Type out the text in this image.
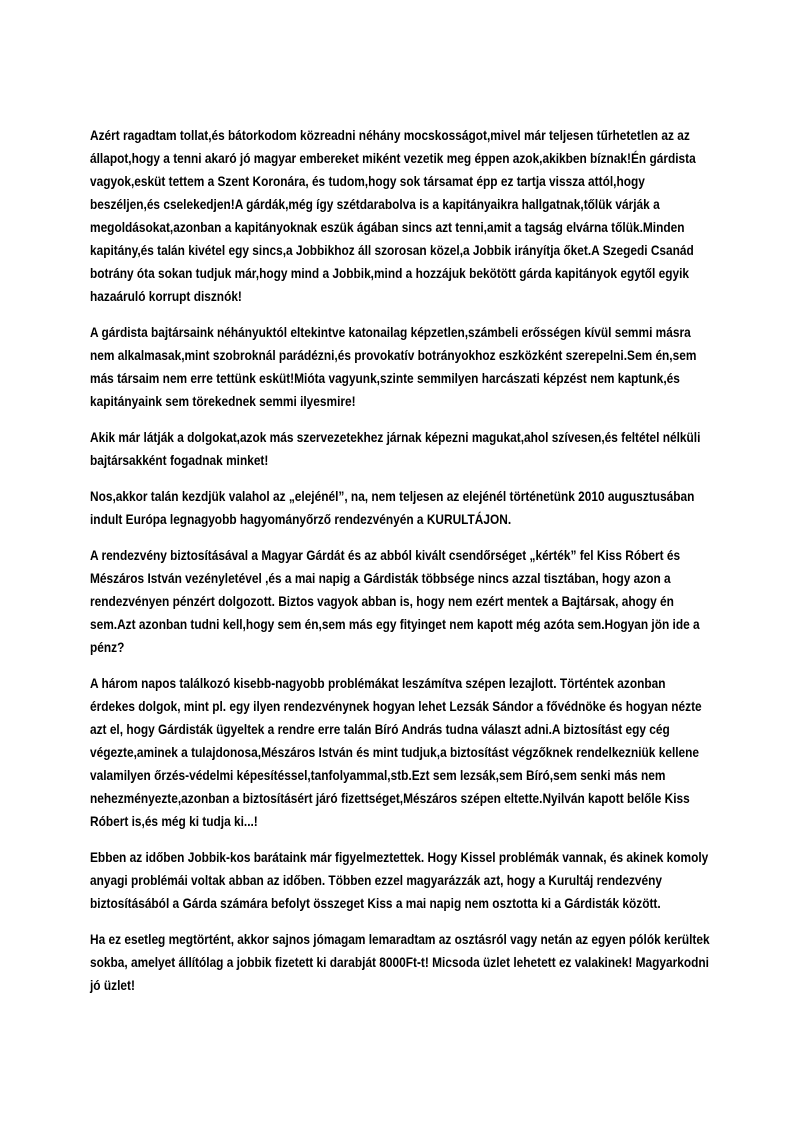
Azért ragadtam tollat,és bátorkodom közreadni néhány mocskosságot,mivel már teljesen tűrhetetlen az az állapot,hogy a tenni akaró jó magyar embereket miként vezetik meg éppen azok,akikben bíznak!Én gárdista vagyok,esküt tettem a Szent Koronára, és tudom,hogy sok társamat épp ez tartja vissza attól,hogy beszéljen,és cselekedjen!A gárdák,még így szétdarabolva is a kapitányaikra hallgatnak,tőlük várják a megoldásokat,azonban a kapitányoknak eszük ágában sincs azt tenni,amit a tagság elvárna tőlük.Minden kapitány,és talán kivétel egy sincs,a Jobbikhoz áll szorosan közel,a Jobbik irányítja őket.A Szegedi Csanád botrány óta sokan tudjuk már,hogy mind a Jobbik,mind a hozzájuk bekötött gárda kapitányok egytől egyik hazaáruló korrupt disznók!

A gárdista bajtársaink néhányuktól eltekintve katonailag képzetlen,számbeli erősségen kívül semmi másra nem alkalmasak,mint szobroknál parádézni,és provokatív botrányokhoz eszközként szerepelni.Sem én,sem más társaim nem erre tettünk esküt!Mióta vagyunk,szinte semmilyen harcászati képzést nem kaptunk,és kapitányaink sem törekednek semmi ilyesmire!

Akik már látják a dolgokat,azok más szervezetekhez járnak képezni magukat,ahol szívesen,és feltétel nélküli bajtársakként fogadnak minket!

Nos,akkor talán kezdjük valahol az „elejénél”, na, nem teljesen az elejénél történetünk 2010 augusztusában indult Európa legnagyobb hagyományőrző rendezvényén a KURULTÁJON.

A rendezvény biztosításával a Magyar Gárdát és az abból kivált csendőrséget „kérték” fel Kiss Róbert és Mészáros István vezényletével ,és a mai napig a Gárdisták többsége nincs azzal tisztában, hogy azon a rendezvényen pénzért dolgozott. Biztos vagyok abban is, hogy nem ezért mentek a Bajtársak, ahogy én sem.Azt azonban tudni kell,hogy sem én,sem más egy fityinget nem kapott még azóta sem.Hogyan jön ide a pénz?

A három napos találkozó kisebb-nagyobb problémákat leszámítva szépen lezajlott. Történtek azonban érdekes dolgok, mint pl. egy ilyen rendezvénynek hogyan lehet Lezsák Sándor a fővédnöke és hogyan nézte azt el, hogy Gárdisták ügyeltek a rendre erre talán Bíró András tudna választ adni.A biztosítást egy cég végezte,aminek a tulajdonosa,Mészáros István és mint tudjuk,a biztosítást végzőknek rendelkezniük kellene valamilyen őrzés-védelmi képesítéssel,tanfolyammal,stb.Ezt sem lezsák,sem Bíró,sem senki más nem nehezményezte,azonban a biztosításért járó fizettséget,Mészáros szépen eltette.Nyilván kapott belőle Kiss Róbert is,és még ki tudja ki...!

Ebben az időben Jobbik-kos barátaink már figyelmeztettek. Hogy Kissel problémák vannak, és akinek komoly anyagi problémái voltak abban az időben. Többen ezzel magyarázzák azt, hogy a Kurultáj rendezvény biztosításából a Gárda számára befolyt összeget Kiss a mai napig nem osztotta ki a Gárdisták között.

Ha ez esetleg megtörtént, akkor sajnos jómagam lemaradtam az osztásról vagy netán az egyen pólók kerültek sokba, amelyet állítólag a jobbik fizetett ki darabját 8000Ft-t! Micsoda üzlet lehetett ez valakinek! Magyarkodni jó üzlet!
